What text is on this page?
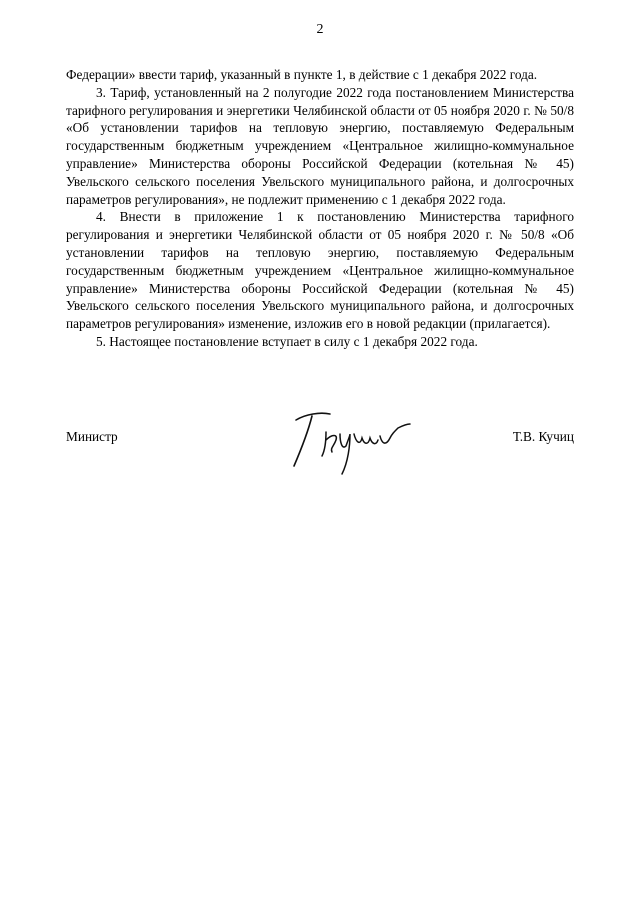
2

Федерации» ввести тариф, указанный в пункте 1, в действие с 1 декабря 2022 года.

3. Тариф, установленный на 2 полугодие 2022 года постановлением Министерства тарифного регулирования и энергетики Челябинской области от 05 ноября 2020 г. № 50/8 «Об установлении тарифов на тепловую энергию, поставляемую Федеральным государственным бюджетным учреждением «Центральное жилищно-коммунальное управление» Министерства обороны Российской Федерации (котельная № 45) Увельского сельского поселения Увельского муниципального района, и долгосрочных параметров регулирования», не подлежит применению с 1 декабря 2022 года.

4. Внести в приложение 1 к постановлению Министерства тарифного регулирования и энергетики Челябинской области от 05 ноября 2020 г. № 50/8 «Об установлении тарифов на тепловую энергию, поставляемую Федеральным государственным бюджетным учреждением «Центральное жилищно-коммунальное управление» Министерства обороны Российской Федерации (котельная № 45) Увельского сельского поселения Увельского муниципального района, и долгосрочных параметров регулирования» изменение, изложив его в новой редакции (прилагается).

5. Настоящее постановление вступает в силу с 1 декабря 2022 года.

Министр	Т.В. Кучиц
